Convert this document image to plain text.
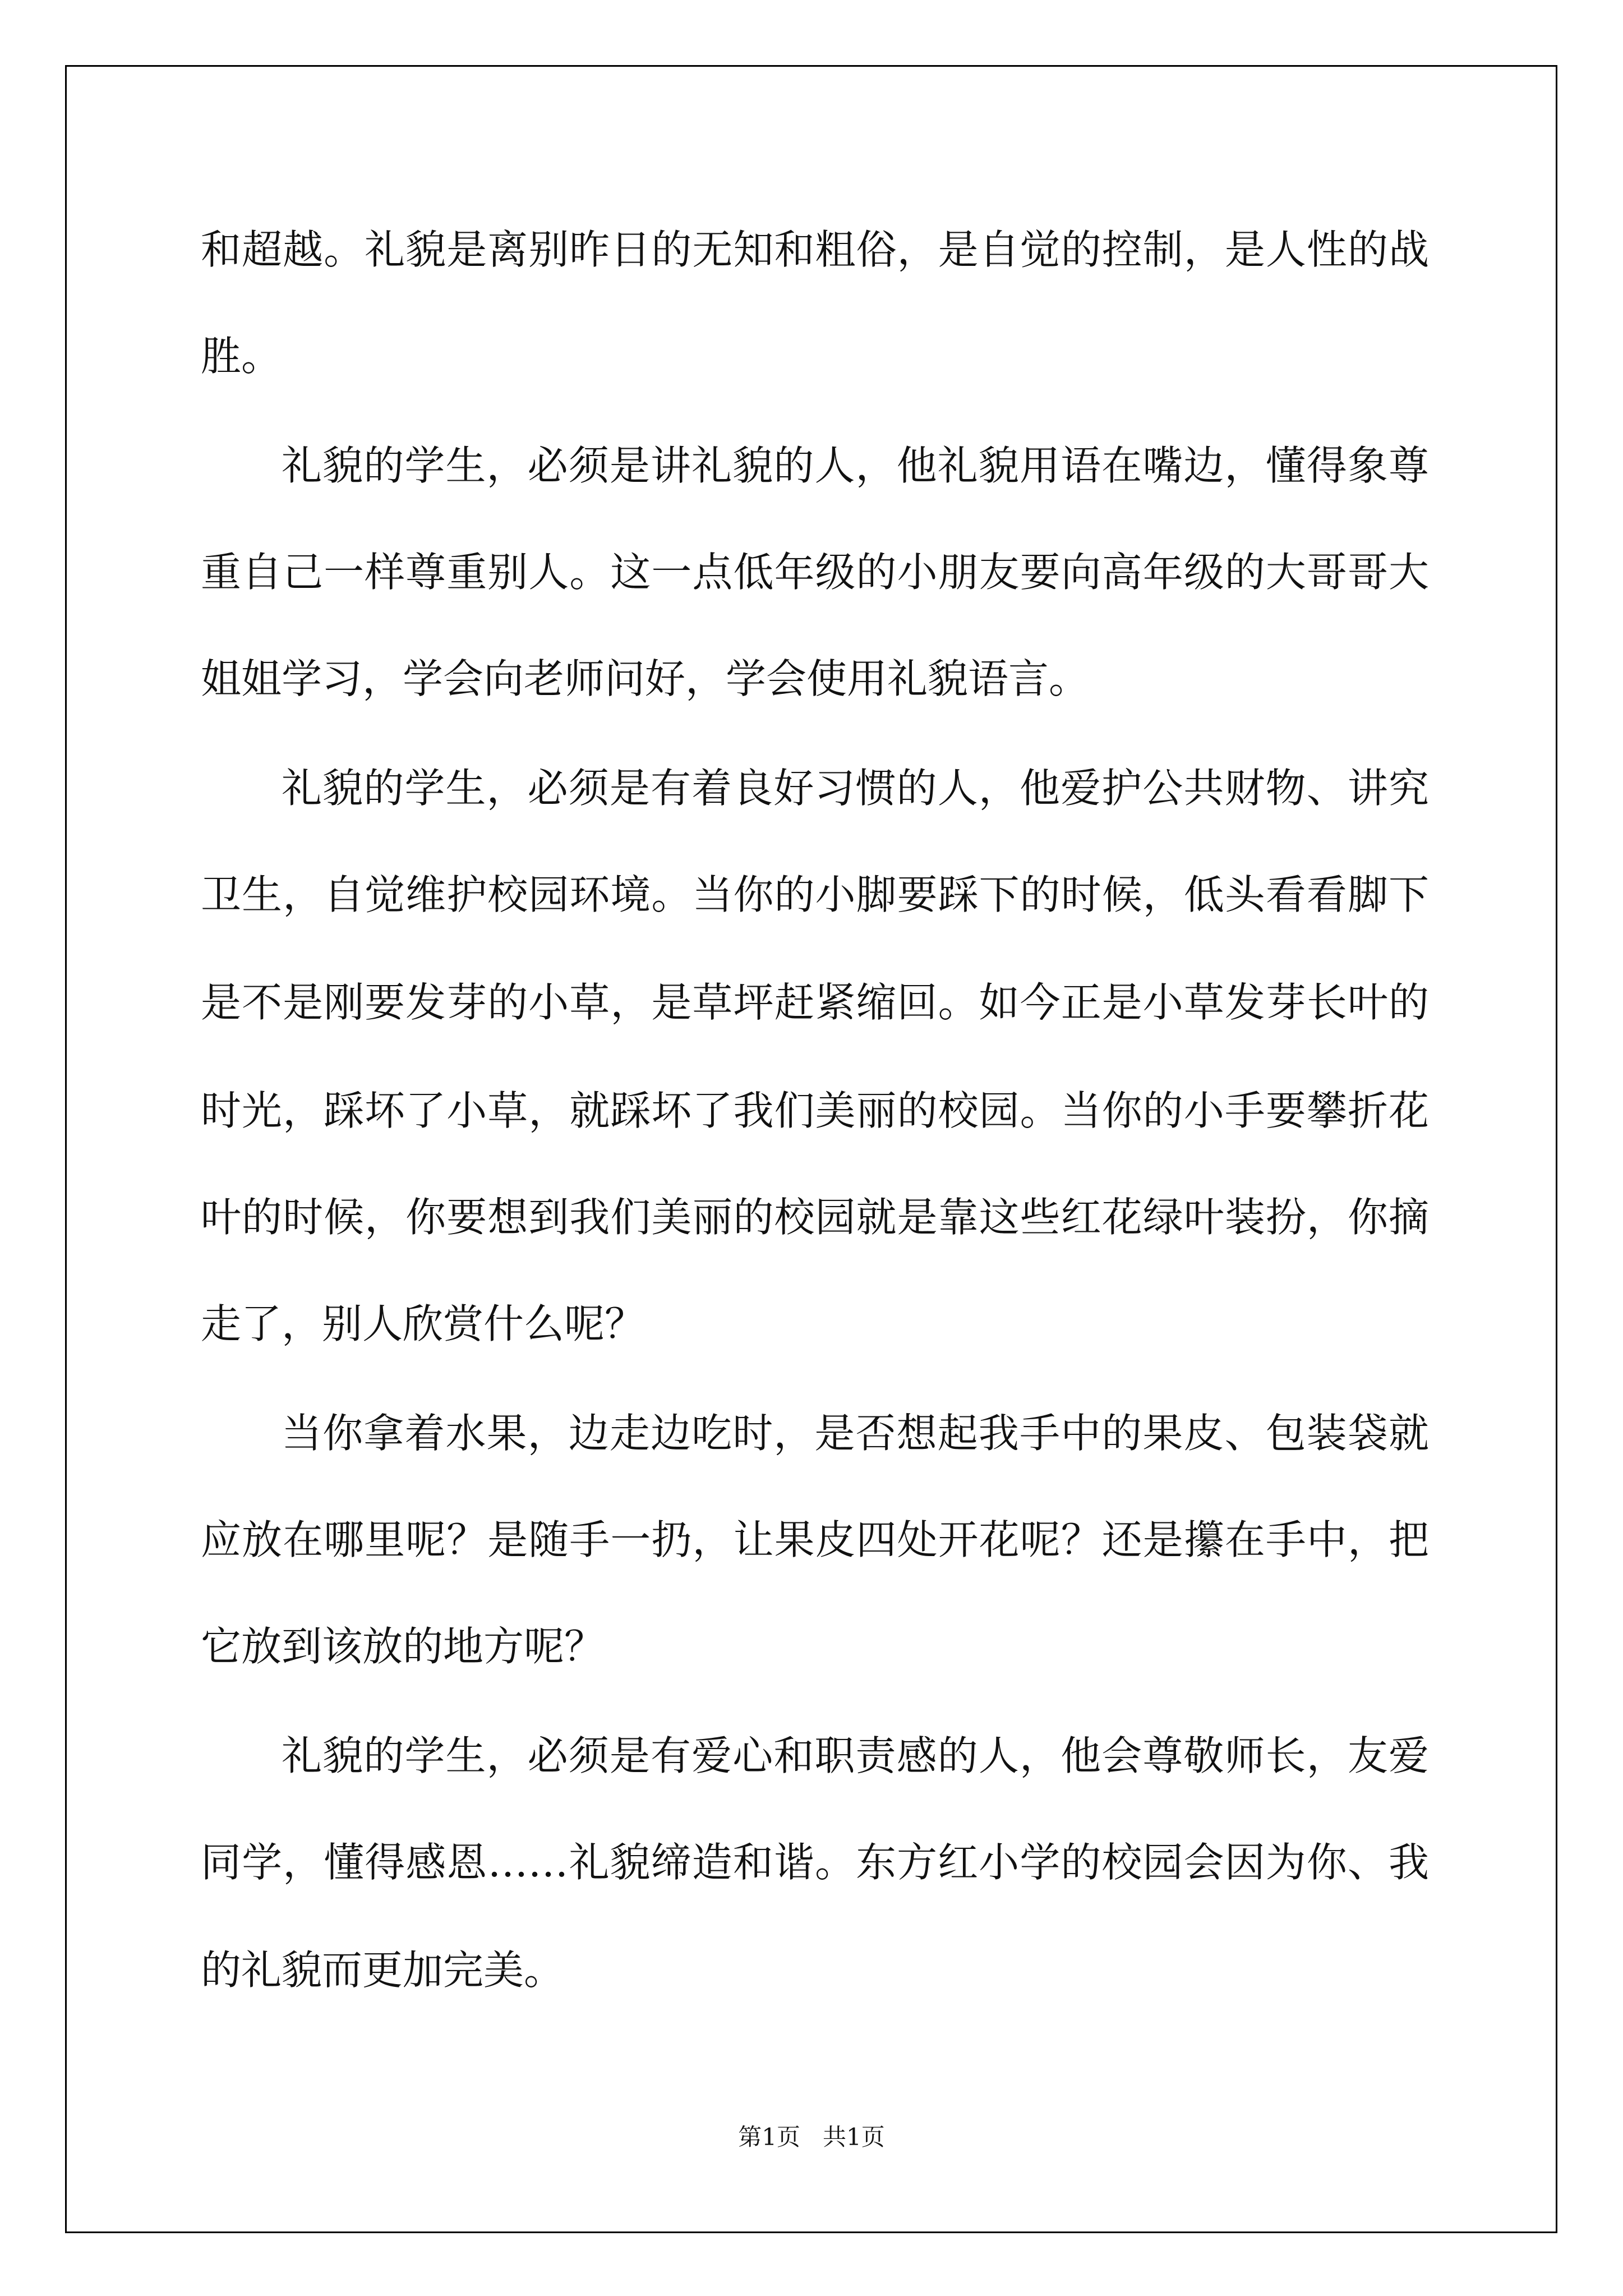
和超越。礼貌是离别昨日的无知和粗俗，是自觉的控制，是人性的战
胜。
礼貌的学生，必须是讲礼貌的人，他礼貌用语在嘴边，懂得象尊
重自己一样尊重别人。这一点低年级的小朋友要向高年级的大哥哥大
姐姐学习，学会向老师问好，学会使用礼貌语言。
礼貌的学生，必须是有着良好习惯的人，他爱护公共财物、讲究
卫生，自觉维护校园环境。当你的小脚要踩下的时候，低头看看脚下
是不是刚要发芽的小草，是草坪赶紧缩回。如今正是小草发芽长叶的
时光，踩坏了小草，就踩坏了我们美丽的校园。当你的小手要攀折花
叶的时候，你要想到我们美丽的校园就是靠这些红花绿叶装扮，你摘
走了，别人欣赏什么呢？
当你拿着水果，边走边吃时，是否想起我手中的果皮、包装袋就
应放在哪里呢？是随手一扔，让果皮四处开花呢？还是攥在手中，把
它放到该放的地方呢？
礼貌的学生，必须是有爱心和职责感的人，他会尊敬师长，友爱
同学，懂得感恩……礼貌缔造和谐。东方红小学的校园会因为你、我
的礼貌而更加完美。
第1页   共1页
